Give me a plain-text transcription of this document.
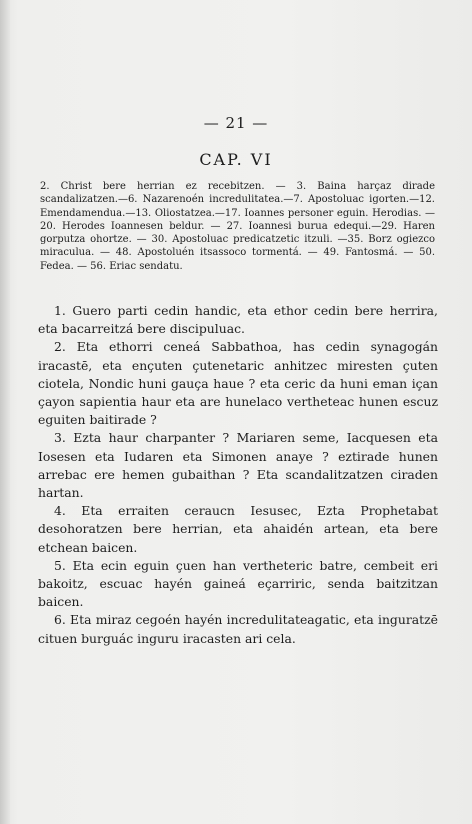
— 21 —
CAP. VI
2. Christ bere herrian ez recebitzen. — 3. Baina harçaz dirade scandalizatzen.—6. Nazarenoén incredulitatea.—7. Apostoluac igorten.—12. Emendamendua.—13. Oliostatzea.—17. Ioannes personer eguin. Herodias. — 20. Herodes Ioannesen beldur. — 27. Ioannesi burua edequi.—29. Haren gorputza ohortze. — 30. Apostoluac predicatzetic itzuli. —35. Borz ogiezco miraculua. — 48. Apostoluén itsassoco tormentá. — 49. Fantosmá. — 50. Fedea. — 56. Eriac sendatu.

1. Guero parti cedin handic, eta ethor cedin bere herrira, eta bacarreitzá bere discipuluac.

2. Eta ethorri ceneá Sabbathoa, has cedin synagogán iracastē, eta ençuten çutenetaric anhitzec miresten çuten ciotela, Nondic huni gauça haue ? eta ceric da huni eman içan çayon sapientia haur eta are hunelaco vertheteac hunen escuz eguiten baitirade ?

3. Ezta haur charpanter ? Mariaren seme, Iacquesen eta Iosesen eta Iudaren eta Simonen anaye ? eztirade hunen arrebac ere hemen gubaithan ? Eta scandalitzatzen ciraden hartan.

4. Eta erraiten ceraucn Iesusec, Ezta Prophetabat desohoratzen bere herrian, eta ahaidén artean, eta bere etchean baicen.

5. Eta ecin eguin çuen han vertheteric batre, cembeit eri bakoitz, escuac hayén gaineá eçarriric, senda baitzitzan baicen.

6. Eta miraz cegoén hayén incredulitateagatic, eta inguratzē cituen burguác inguru iracasten ari cela.
